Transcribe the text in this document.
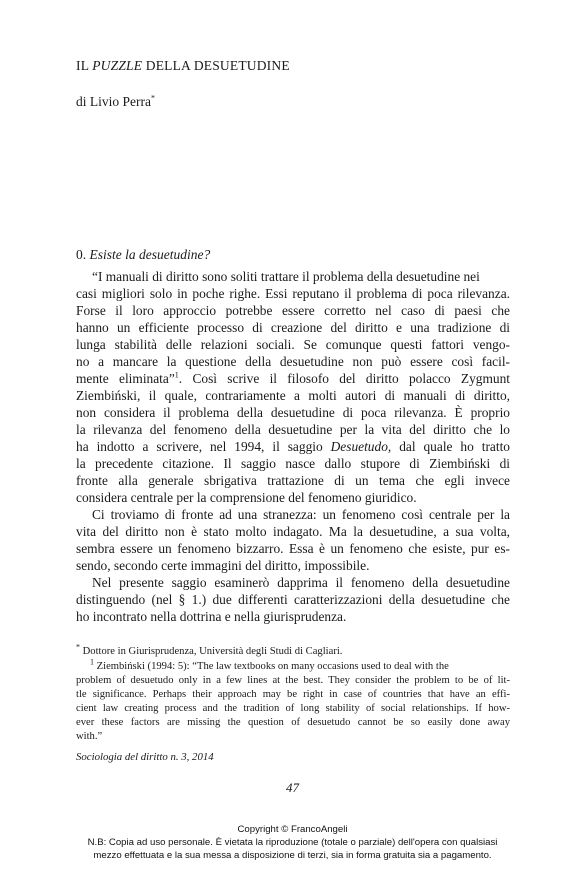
IL PUZZLE DELLA DESUETUDINE
di Livio Perra*
0. Esiste la desuetudine?
“I manuali di diritto sono soliti trattare il problema della desuetudine nei
casi migliori solo in poche righe. Essi reputano il problema di poca rilevanza.
Forse il loro approccio potrebbe essere corretto nel caso di paesi che
hanno un efficiente processo di creazione del diritto e una tradizione di
lunga stabilità delle relazioni sociali. Se comunque questi fattori vengo-
no a mancare la questione della desuetudine non può essere così facil-
mente eliminata”$^1$. Così scrive il filosofo del diritto polacco Zygmunt
Ziembiński, il quale, contrariamente a molti autori di manuali di diritto,
non considera il problema della desuetudine di poca rilevanza. È proprio
la rilevanza del fenomeno della desuetudine per la vita del diritto che lo
ha indotto a scrivere, nel 1994, il saggio Desuetudo, dal quale ho tratto
la precedente citazione. Il saggio nasce dallo stupore di Ziembiński di
fronte alla generale sbrigativa trattazione di un tema che egli invece
considera centrale per la comprensione del fenomeno giuridico.
Ci troviamo di fronte ad una stranezza: un fenomeno così centrale per la
vita del diritto non è stato molto indagato. Ma la desuetudine, a sua volta,
sembra essere un fenomeno bizzarro. Essa è un fenomeno che esiste, pur es-
sendo, secondo certe immagini del diritto, impossibile.
Nel presente saggio esaminerò dapprima il fenomeno della desuetudine
distinguendo (nel § 1.) due differenti caratterizzazioni della desuetudine che
ho incontrato nella dottrina e nella giurisprudenza.
* Dottore in Giurisprudenza, Università degli Studi di Cagliari.
$^1$ Ziembiński (1994: 5): “The law textbooks on many occasions used to deal with the
problem of desuetudo only in a few lines at the best. They consider the problem to be of lit-
tle significance. Perhaps their approach may be right in case of countries that have an effi-
cient law creating process and the tradition of long stability of social relationships. If how-
ever these factors are missing the question of desuetudo cannot be so easily done away
with.”
Sociologia del diritto n. 3, 2014
47
Copyright © FrancoAngeli
N.B: Copia ad uso personale. È vietata la riproduzione (totale o parziale) dell'opera con qualsiasi
mezzo effettuata e la sua messa a disposizione di terzi, sia in forma gratuita sia a pagamento.
